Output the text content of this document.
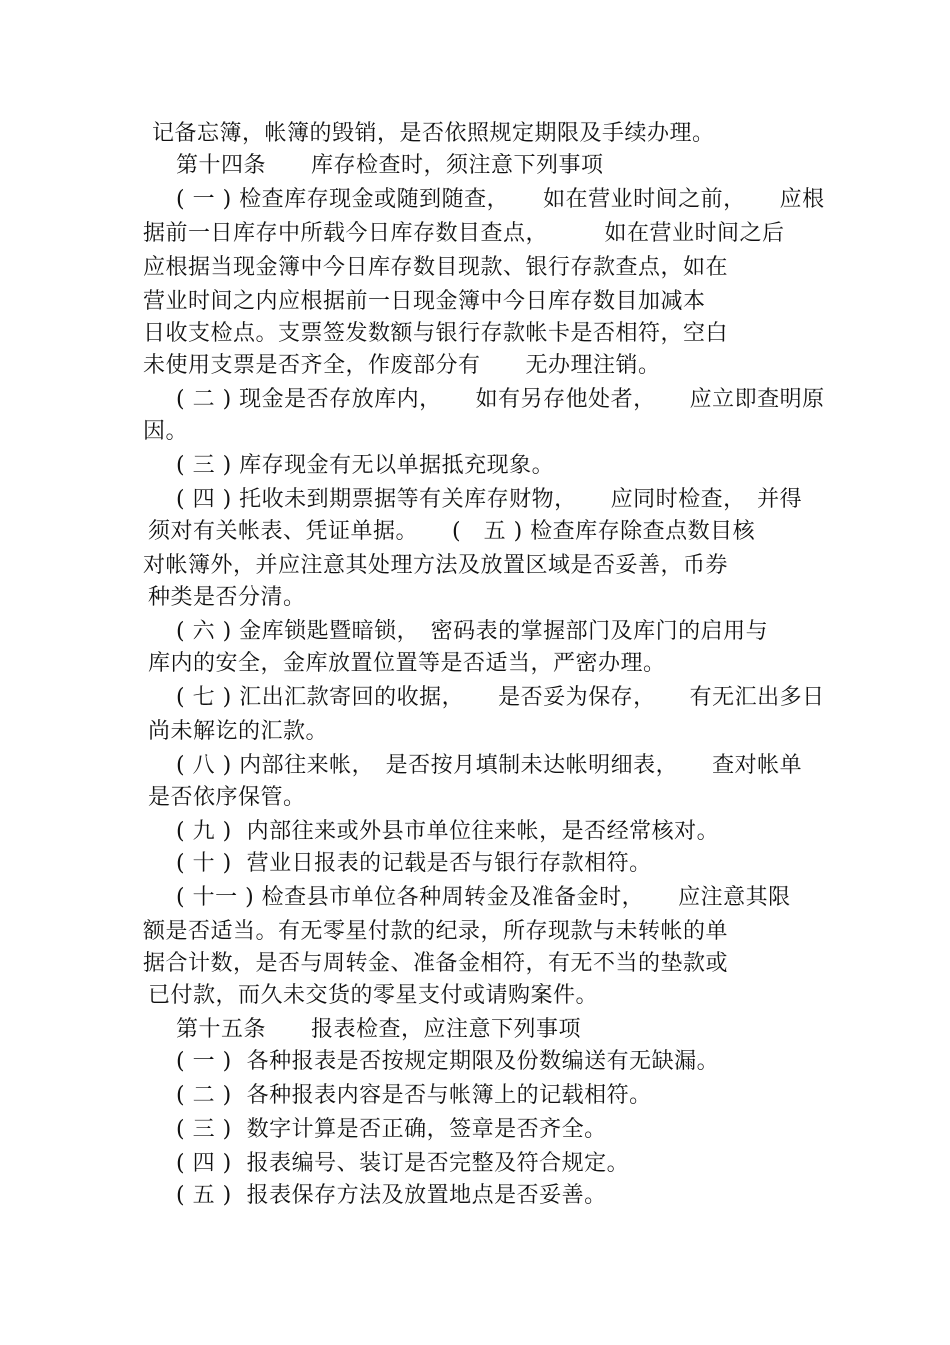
记备忘簿，帐簿的毁销，是否依照规定期限及手续办理。
第十四条　　库存检查时，须注意下列事项
( 一 ) 检查库存现金或随到随查，　　如在营业时间之前，　　应根
据前一日库存中所载今日库存数目查点，　　　如在营业时间之后
应根据当现金簿中今日库存数目现款、银行存款查点，如在
营业时间之内应根据前一日现金簿中今日库存数目加减本
日收支检点。支票签发数额与银行存款帐卡是否相符，空白
未使用支票是否齐全，作废部分有　　无办理注销。
( 二 ) 现金是否存放库内，　　如有另存他处者，　　应立即查明原
因。
( 三 ) 库存现金有无以单据抵充现象。
( 四 ) 托收未到期票据等有关库存财物，　　应同时检查，　并得
须对有关帐表、凭证单据。　　(　五 ) 检查库存除查点数目核
对帐簿外，并应注意其处理方法及放置区域是否妥善，币券
种类是否分清。
( 六 ) 金库锁匙暨暗锁，　密码表的掌握部门及库门的启用与
库内的安全，金库放置位置等是否适当，严密办理。
( 七 ) 汇出汇款寄回的收据，　　是否妥为保存，　　有无汇出多日
尚未解讫的汇款。
( 八 ) 内部往来帐，　是否按月填制未达帐明细表，　　查对帐单
是否依序保管。
( 九 )  内部往来或外县市单位往来帐，是否经常核对。
( 十 )  营业日报表的记载是否与银行存款相符。
( 十一 ) 检查县市单位各种周转金及准备金时，　　应注意其限
额是否适当。有无零星付款的纪录，所存现款与未转帐的单
据合计数，是否与周转金、准备金相符，有无不当的垫款或
已付款，而久未交货的零星支付或请购案件。
第十五条　　报表检查，应注意下列事项
( 一 )  各种报表是否按规定期限及份数编送有无缺漏。
( 二 )  各种报表内容是否与帐簿上的记载相符。
( 三 )  数字计算是否正确，签章是否齐全。
( 四 )  报表编号、装订是否完整及符合规定。
( 五 )  报表保存方法及放置地点是否妥善。
